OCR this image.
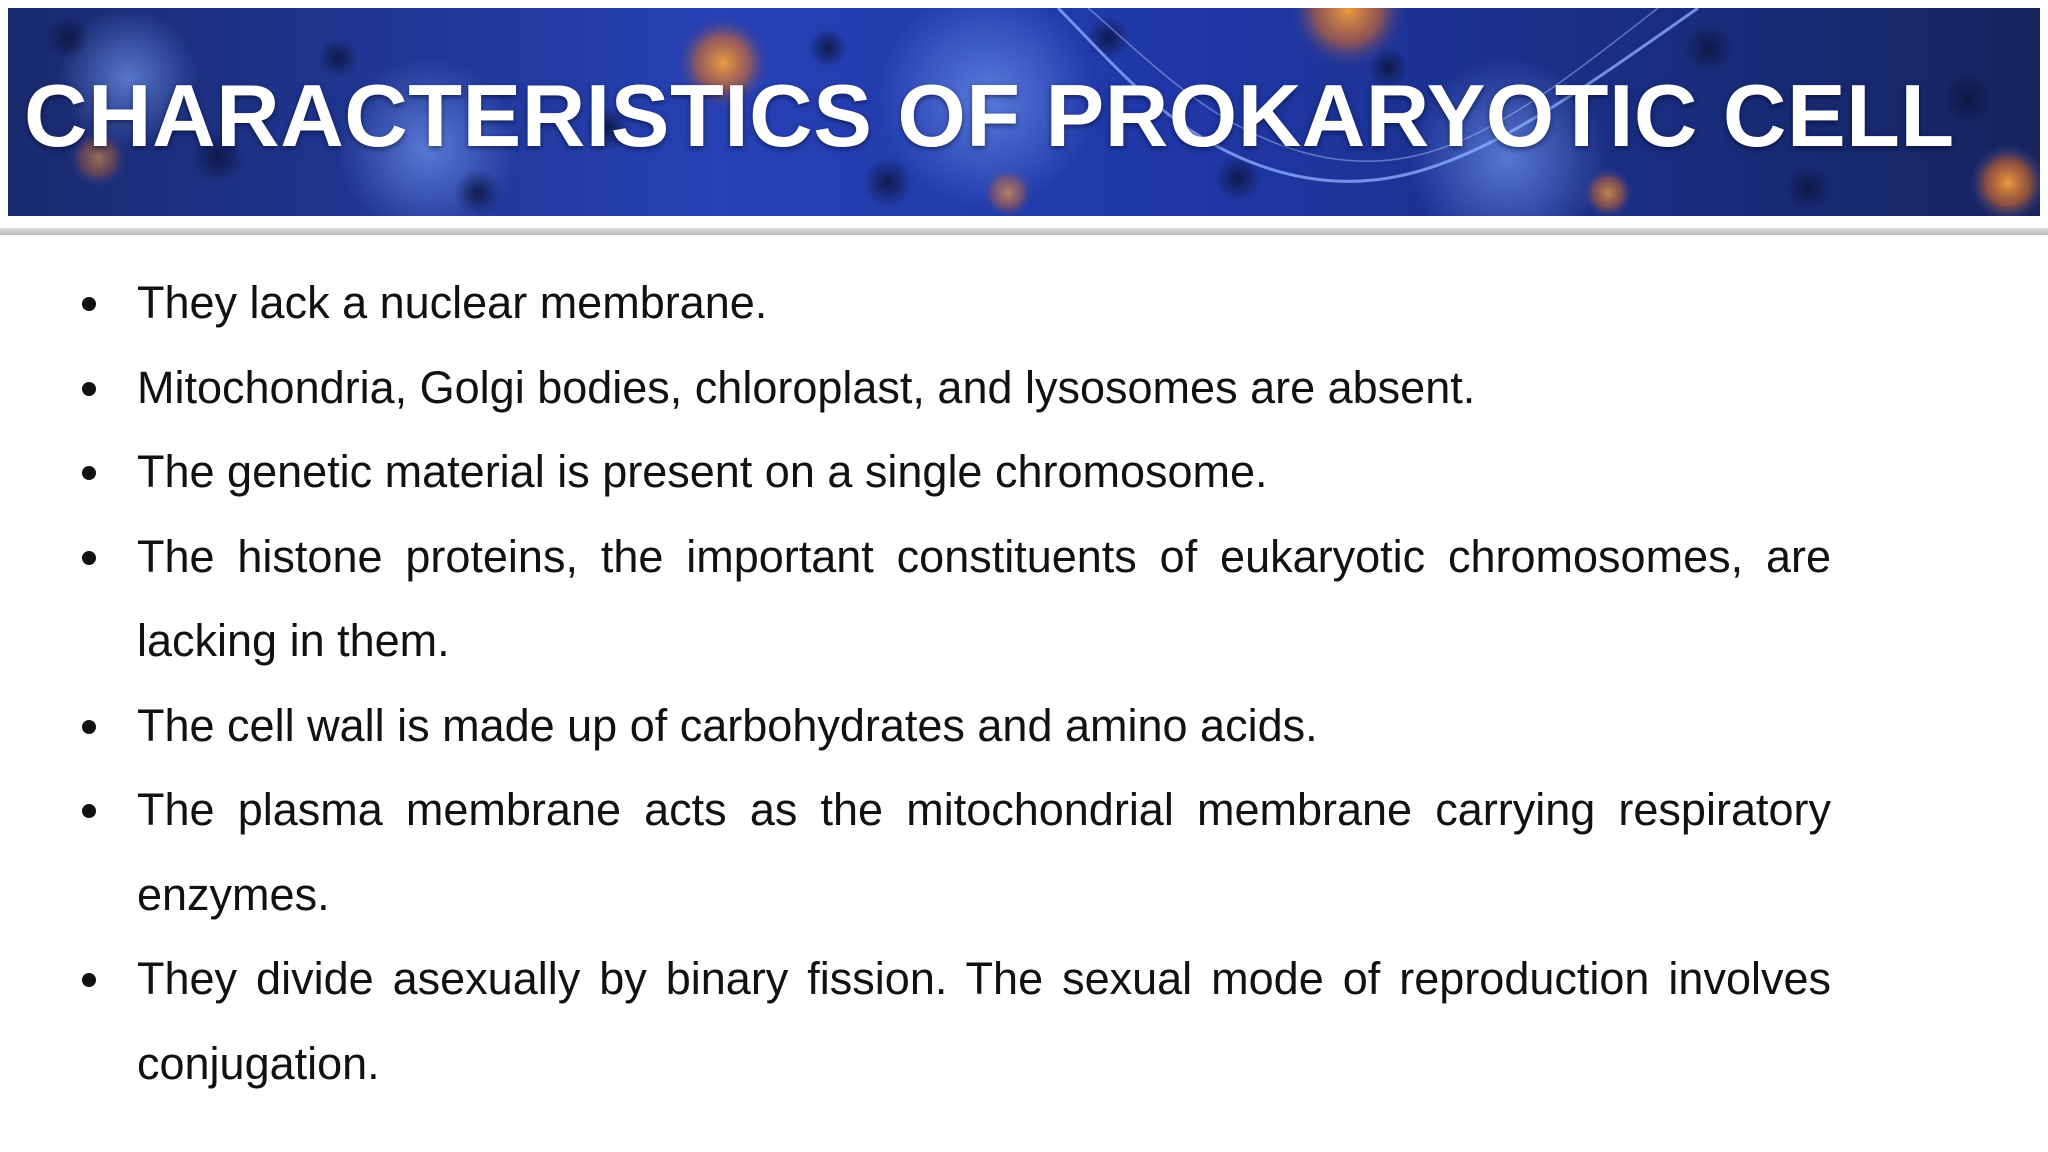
CHARACTERISTICS OF PROKARYOTIC CELL
They lack a nuclear membrane.
Mitochondria, Golgi bodies, chloroplast, and lysosomes are absent.
The genetic material is present on a single chromosome.
The histone proteins, the important constituents of eukaryotic chromosomes, are lacking in them.
The cell wall is made up of carbohydrates and amino acids.
The plasma membrane acts as the mitochondrial membrane carrying respiratory enzymes.
They divide asexually by binary fission. The sexual mode of reproduction involves conjugation.
